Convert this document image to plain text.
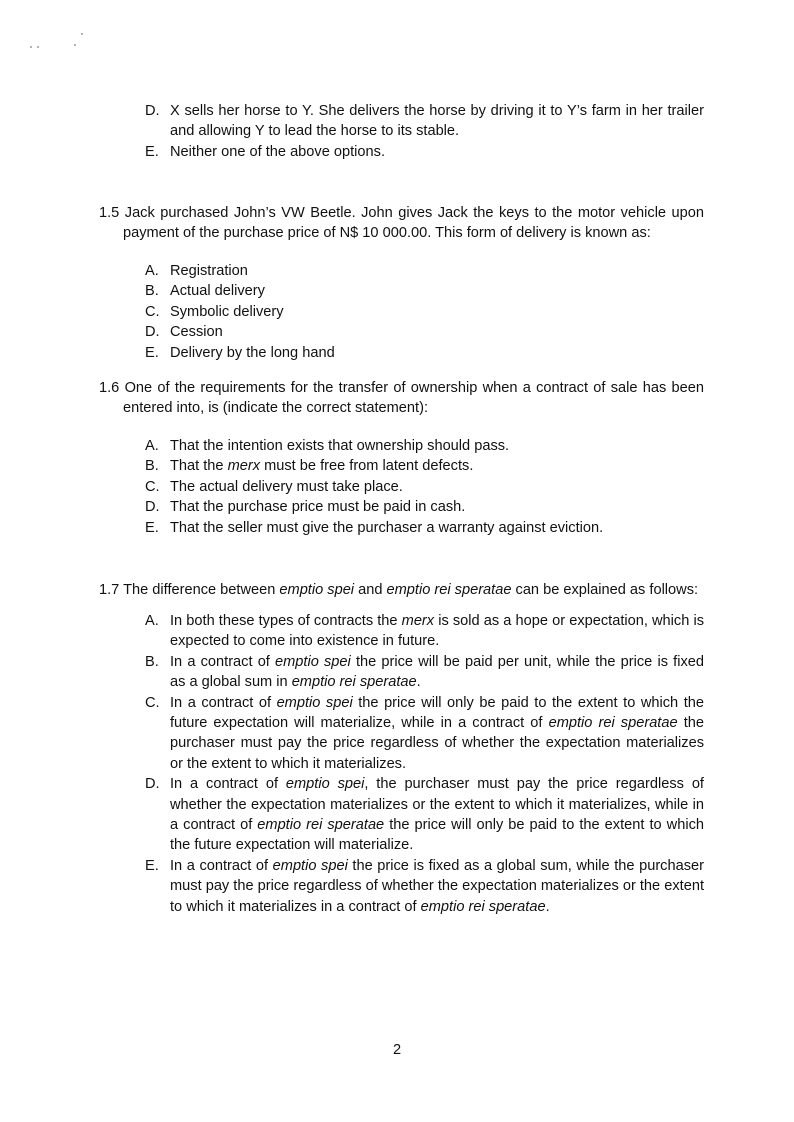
D. X sells her horse to Y. She delivers the horse by driving it to Y’s farm in her trailer and allowing Y to lead the horse to its stable.
E. Neither one of the above options.
1.5 Jack purchased John’s VW Beetle. John gives Jack the keys to the motor vehicle upon payment of the purchase price of N$ 10 000.00. This form of delivery is known as:
A. Registration
B. Actual delivery
C. Symbolic delivery
D. Cession
E. Delivery by the long hand
1.6 One of the requirements for the transfer of ownership when a contract of sale has been entered into, is (indicate the correct statement):
A. That the intention exists that ownership should pass.
B. That the merx must be free from latent defects.
C. The actual delivery must take place.
D. That the purchase price must be paid in cash.
E. That the seller must give the purchaser a warranty against eviction.
1.7 The difference between emptio spei and emptio rei speratae can be explained as follows:
A. In both these types of contracts the merx is sold as a hope or expectation, which is expected to come into existence in future.
B. In a contract of emptio spei the price will be paid per unit, while the price is fixed as a global sum in emptio rei speratae.
C. In a contract of emptio spei the price will only be paid to the extent to which the future expectation will materialize, while in a contract of emptio rei speratae the purchaser must pay the price regardless of whether the expectation materializes or the extent to which it materializes.
D. In a contract of emptio spei, the purchaser must pay the price regardless of whether the expectation materializes or the extent to which it materializes, while in a contract of emptio rei speratae the price will only be paid to the extent to which the future expectation will materialize.
E. In a contract of emptio spei the price is fixed as a global sum, while the purchaser must pay the price regardless of whether the expectation materializes or the extent to which it materializes in a contract of emptio rei speratae.
2
